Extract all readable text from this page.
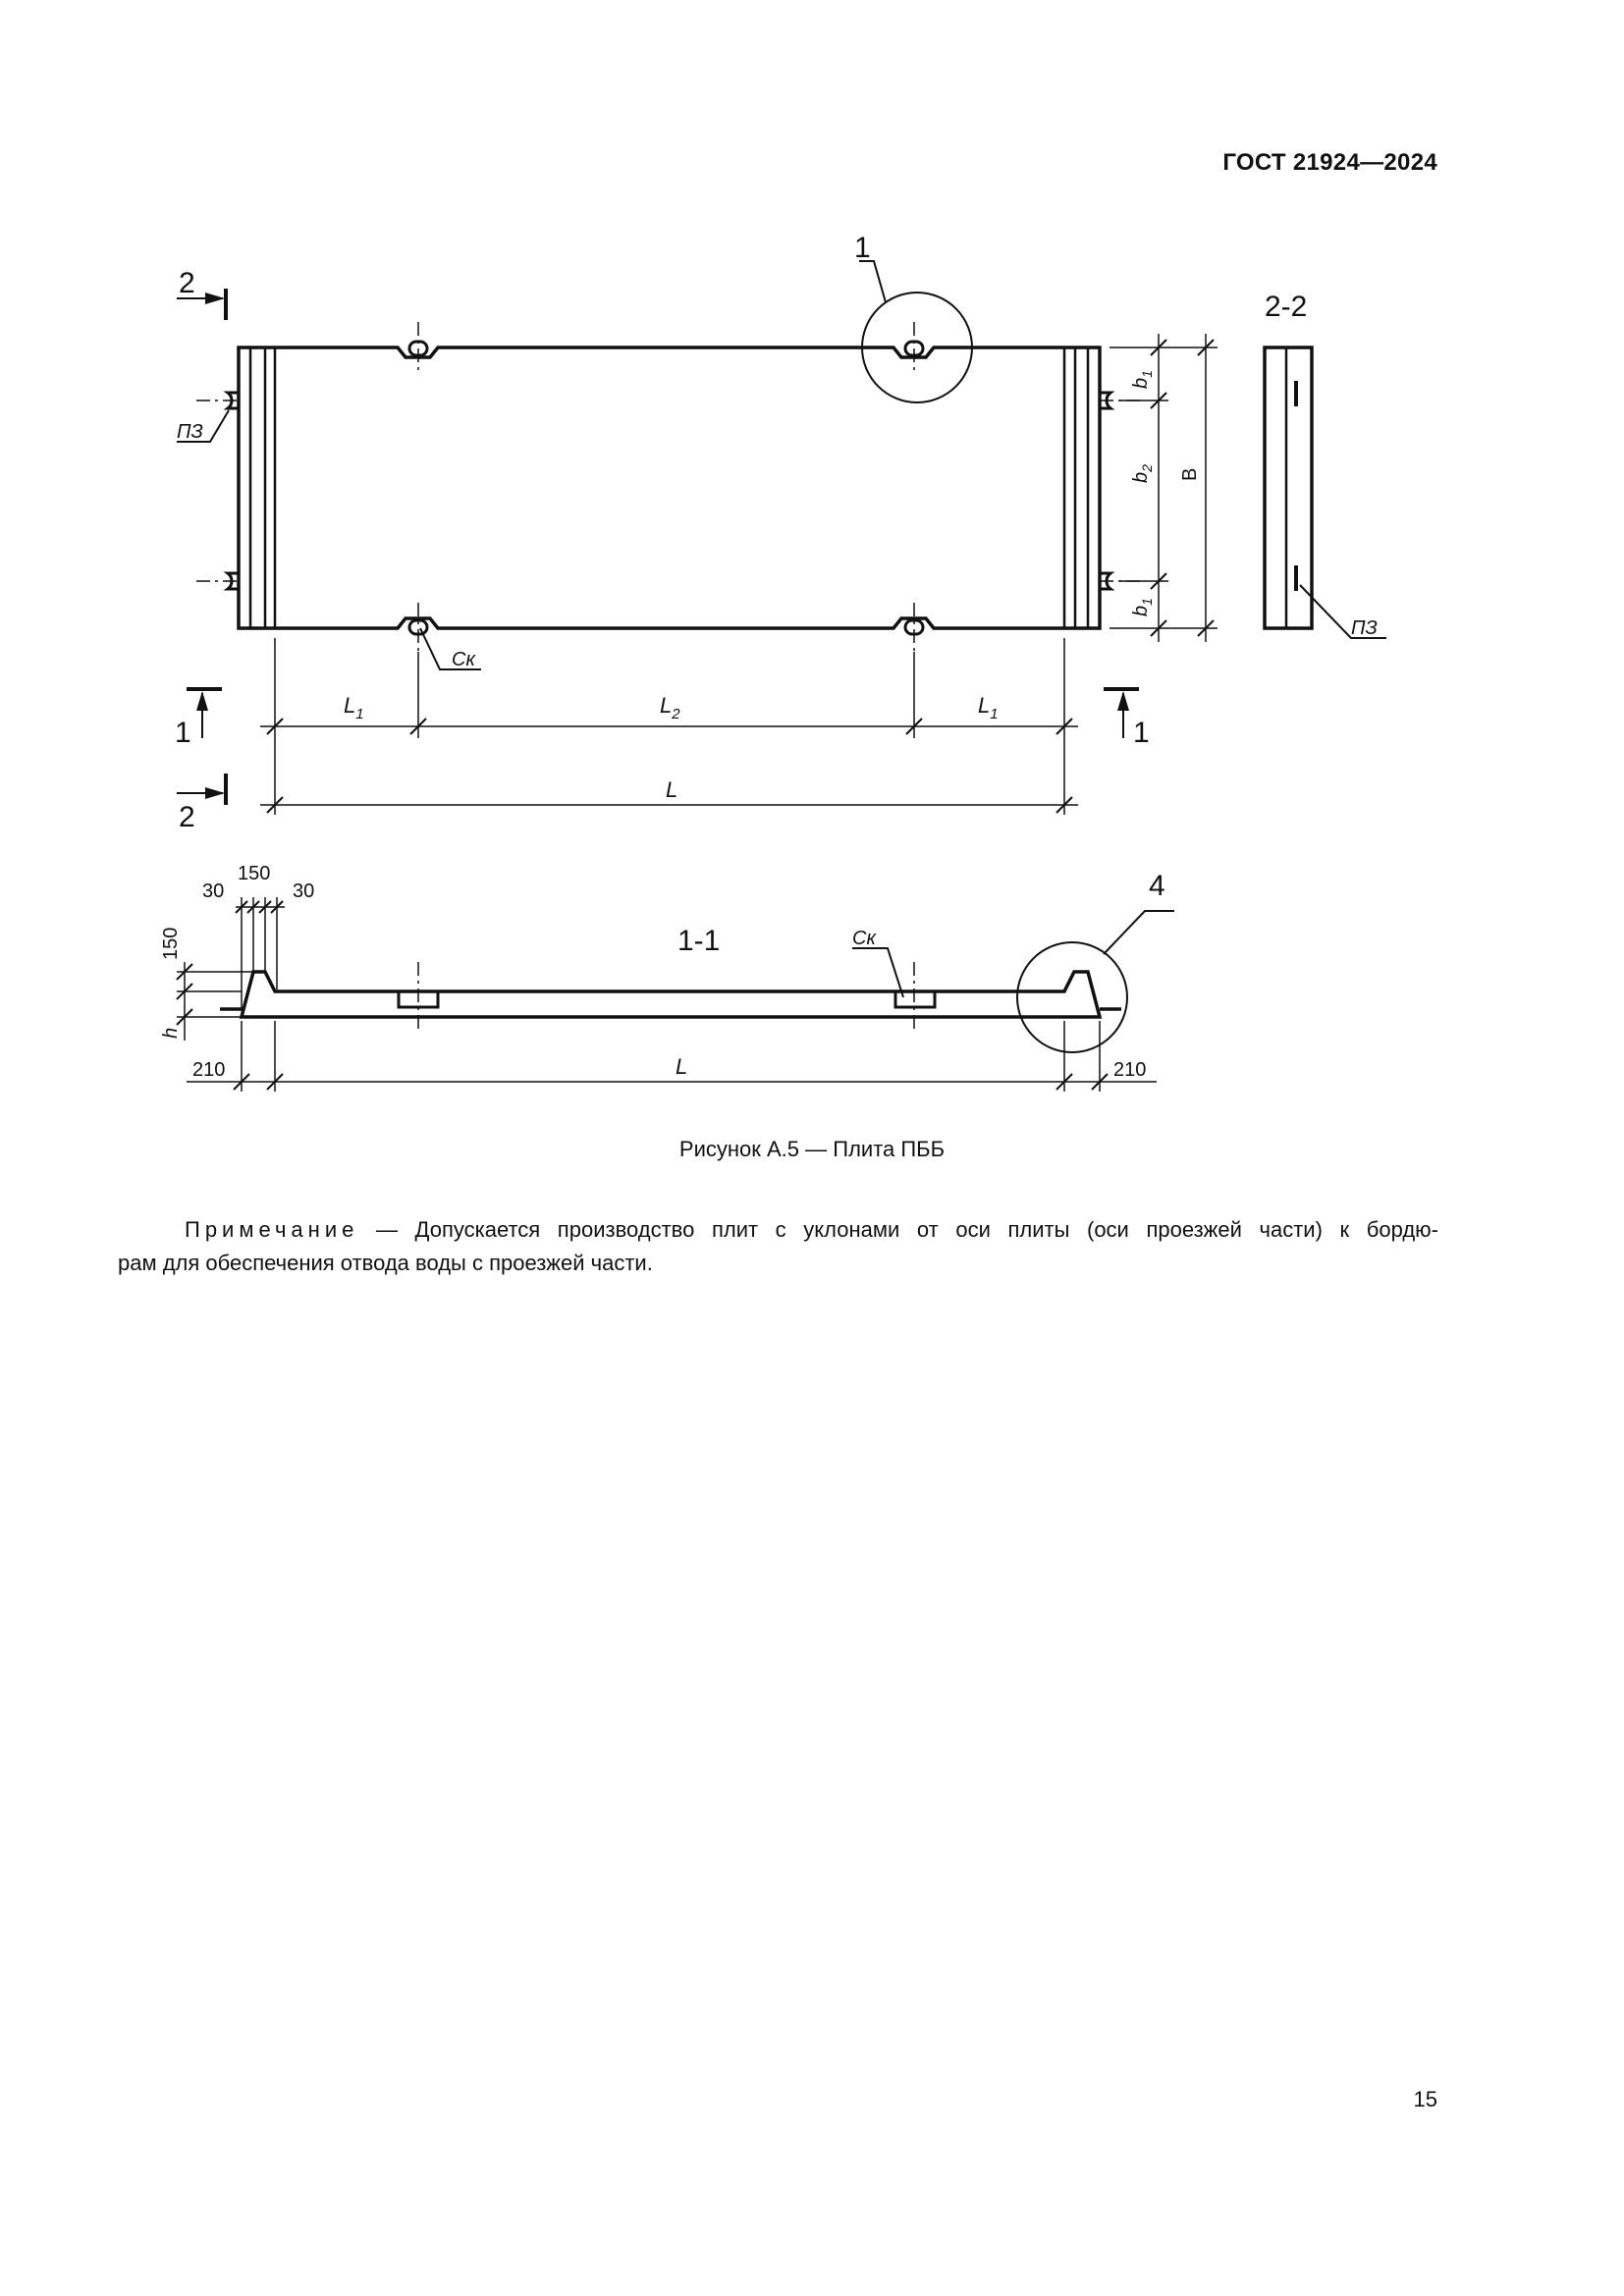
ГОСТ 21924—2024
1
ПЗ
Ск
2
1	1
2
$L_1$	$L_2$	$L_1$
L
$b_1$
$b_2$
$b_1$
B
2-2
ПЗ
1-1	Ск
4
150
30	30
150
h
210	L	210
Рисунок А.5 — Плита ПББ
Примечание — Допускается производство плит с уклонами от оси плиты (оси проезжей части) к бордю-
рам для обеспечения отвода воды с проезжей части.
15
